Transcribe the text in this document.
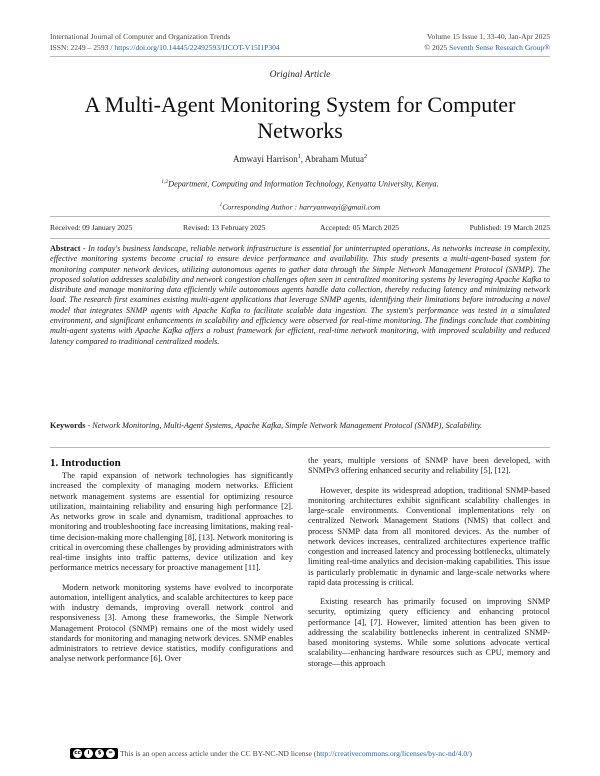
International Journal of Computer and Organization Trends
ISSN: 2249 – 2593 / https://doi.org/10.14445/22492593/IJCOT-V15I1P304
Volume 15 Issue 1, 33-40, Jan-Apr 2025
© 2025 Seventh Sense Research Group®
Original Article
A Multi-Agent Monitoring System for Computer Networks
Amwayi Harrison$^1$, Abraham Mutua$^2$
$^{1,2}$Department, Computing and Information Technology, Kenyatta University, Kenya.
$^1$Corresponding Author : harryamwayi@gmail.com
Received: 09 January 2025	Revised: 13 February 2025	Accepted: 05 March 2025	Published: 19 March 2025
Abstract - In today's business landscape, reliable network infrastructure is essential for uninterrupted operations. As networks increase in complexity, effective monitoring systems become crucial to ensure device performance and availability. This study presents a multi-agent-based system for monitoring computer network devices, utilizing autonomous agents to gather data through the Simple Network Management Protocol (SNMP). The proposed solution addresses scalability and network congestion challenges often seen in centralized monitoring systems by leveraging Apache Kafka to distribute and manage monitoring data efficiently while autonomous agents handle data collection, thereby reducing latency and minimizing network load. The research first examines existing multi-agent applications that leverage SNMP agents, identifying their limitations before introducing a novel model that integrates SNMP agents with Apache Kafka to facilitate scalable data ingestion. The system's performance was tested in a simulated environment, and significant enhancements in scalability and efficiency were observed for real-time monitoring. The findings conclude that combining multi-agent systems with Apache Kafka offers a robust framework for efficient, real-time network monitoring, with improved scalability and reduced latency compared to traditional centralized models.
Keywords - Network Monitoring, Multi-Agent Systems, Apache Kafka, Simple Network Management Protocol (SNMP), Scalability.
1. Introduction

The rapid expansion of network technologies has significantly increased the complexity of managing modern networks. Efficient network management systems are essential for optimizing resource utilization, maintaining reliability and ensuring high performance [2]. As networks grow in scale and dynamism, traditional approaches to monitoring and troubleshooting face increasing limitations, making real-time decision-making more challenging [8], [13]. Network monitoring is critical in overcoming these challenges by providing administrators with real-time insights into traffic patterns, device utilization and key performance metrics necessary for proactive management [11].

Modern network monitoring systems have evolved to incorporate automation, intelligent analytics, and scalable architectures to keep pace with industry demands, improving overall network control and responsiveness [3]. Among these frameworks, the Simple Network Management Protocol (SNMP) remains one of the most widely used standards for monitoring and managing network devices. SNMP enables administrators to retrieve device statistics, modify configurations and analyse network performance [6]. Over

the years, multiple versions of SNMP have been developed, with SNMPv3 offering enhanced security and reliability [5], [12].

However, despite its widespread adoption, traditional SNMP-based monitoring architectures exhibit significant scalability challenges in large-scale environments. Conventional implementations rely on centralized Network Management Stations (NMS) that collect and process SNMP data from all monitored devices. As the number of network devices increases, centralized architectures experience traffic congestion and increased latency and processing bottlenecks, ultimately limiting real-time analytics and decision-making capabilities. This issue is particularly problematic in dynamic and large-scale networks where rapid data processing is critical.

Existing research has primarily focused on improving SNMP security, optimizing query efficiency and enhancing protocol performance [4], [7]. However, limited attention has been given to addressing the scalability bottlenecks inherent in centralized SNMP-based monitoring systems. While some solutions advocate vertical scalability—enhancing hardware resources such as CPU, memory and storage—this approach

cc	i	$	= This is an open access article under the CC BY-NC-ND license ( http://creativecommons.org/licenses/by-nc-nd/4.0/ )
